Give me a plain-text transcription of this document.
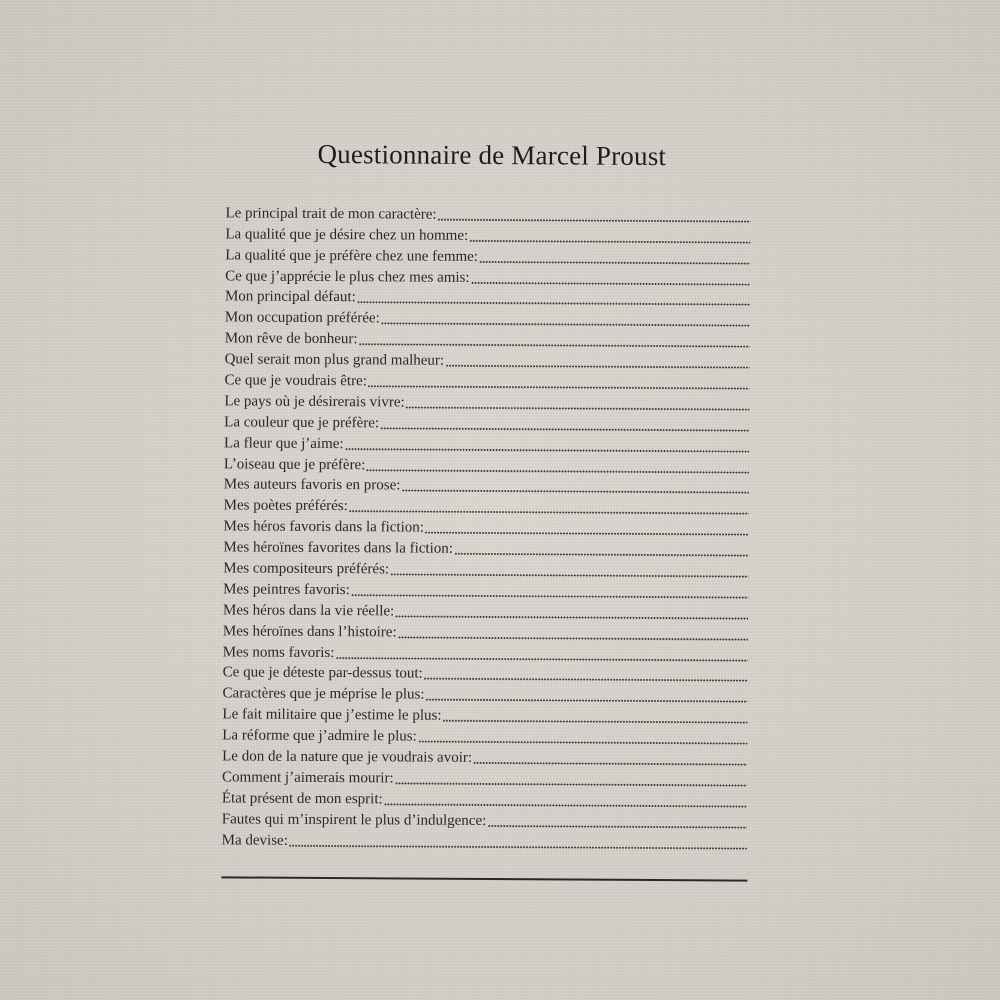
Questionnaire de Marcel Proust
Le principal trait de mon caractère:
La qualité que je désire chez un homme:
La qualité que je préfère chez une femme:
Ce que j’apprécie le plus chez mes amis:
Mon principal défaut:
Mon occupation préférée:
Mon rêve de bonheur:
Quel serait mon plus grand malheur:
Ce que je voudrais être:
Le pays où je désirerais vivre:
La couleur que je préfère:
La fleur que j’aime:
L’oiseau que je préfère:
Mes auteurs favoris en prose:
Mes poètes préférés:
Mes héros favoris dans la fiction:
Mes héroïnes favorites dans la fiction:
Mes compositeurs préférés:
Mes peintres favoris:
Mes héros dans la vie réelle:
Mes héroïnes dans l’histoire:
Mes noms favoris:
Ce que je déteste par-dessus tout:
Caractères que je méprise le plus:
Le fait militaire que j’estime le plus:
La réforme que j’admire le plus:
Le don de la nature que je voudrais avoir:
Comment j’aimerais mourir:
État présent de mon esprit:
Fautes qui m’inspirent le plus d’indulgence:
Ma devise:
